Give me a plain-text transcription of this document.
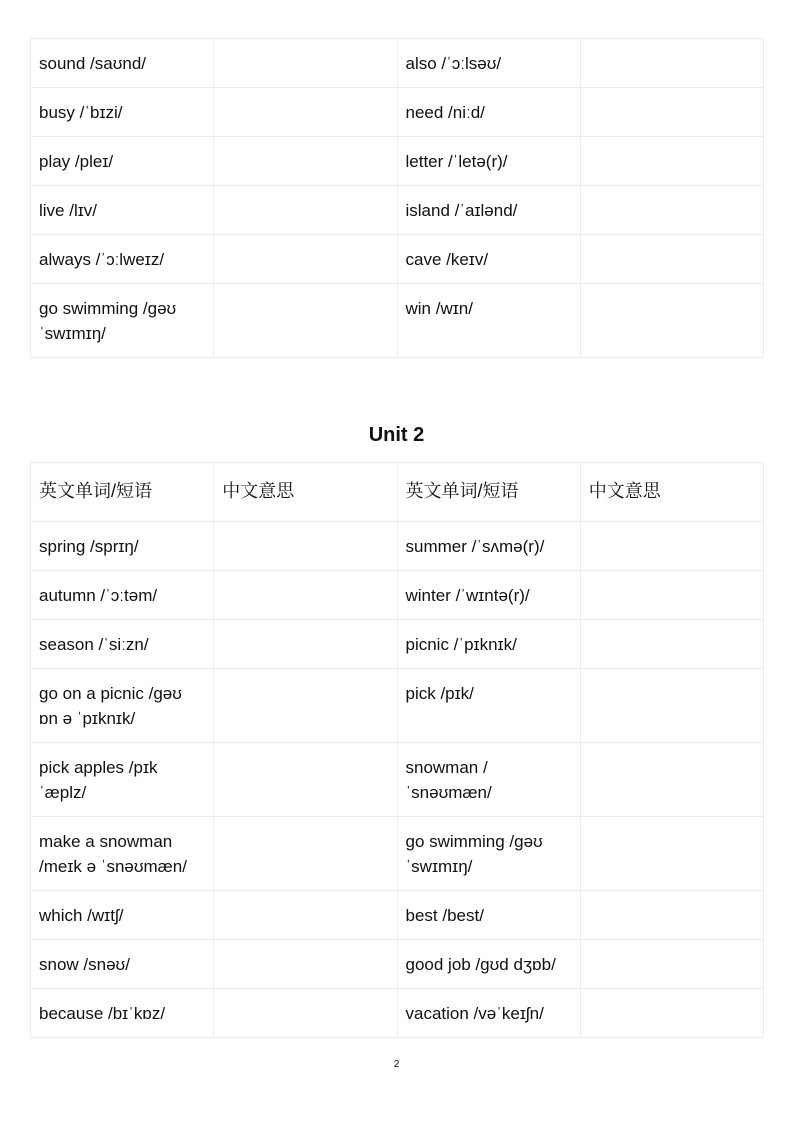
sound /saʊnd/		also /ˈɔːlsəʊ/	
busy /ˈbɪzi/		need /niːd/	
play /pleɪ/		letter /ˈletə(r)/	
live /lɪv/		island /ˈaɪlənd/	
always /ˈɔːlweɪz/		cave /keɪv/	
go swimming /gəʊ ˈswɪmɪŋ/		win /wɪn/	
Unit 2
英文单词/短语	中文意思	英文单词/短语	中文意思
spring /sprɪŋ/		summer /ˈsʌmə(r)/	
autumn /ˈɔːtəm/		winter /ˈwɪntə(r)/	
season /ˈsiːzn/		picnic /ˈpɪknɪk/	
go on a picnic /gəʊ ɒn ə ˈpɪknɪk/		pick /pɪk/	
pick apples /pɪk ˈæplz/		snowman /ˈsnəʊmæn/	
make a snowman /meɪk ə ˈsnəʊmæn/		go swimming /gəʊ ˈswɪmɪŋ/	
which /wɪtʃ/		best /best/	
snow /snəʊ/		good job /gʊd dʒɒb/	
because /bɪˈkɒz/		vacation /vəˈkeɪʃn/	
2
